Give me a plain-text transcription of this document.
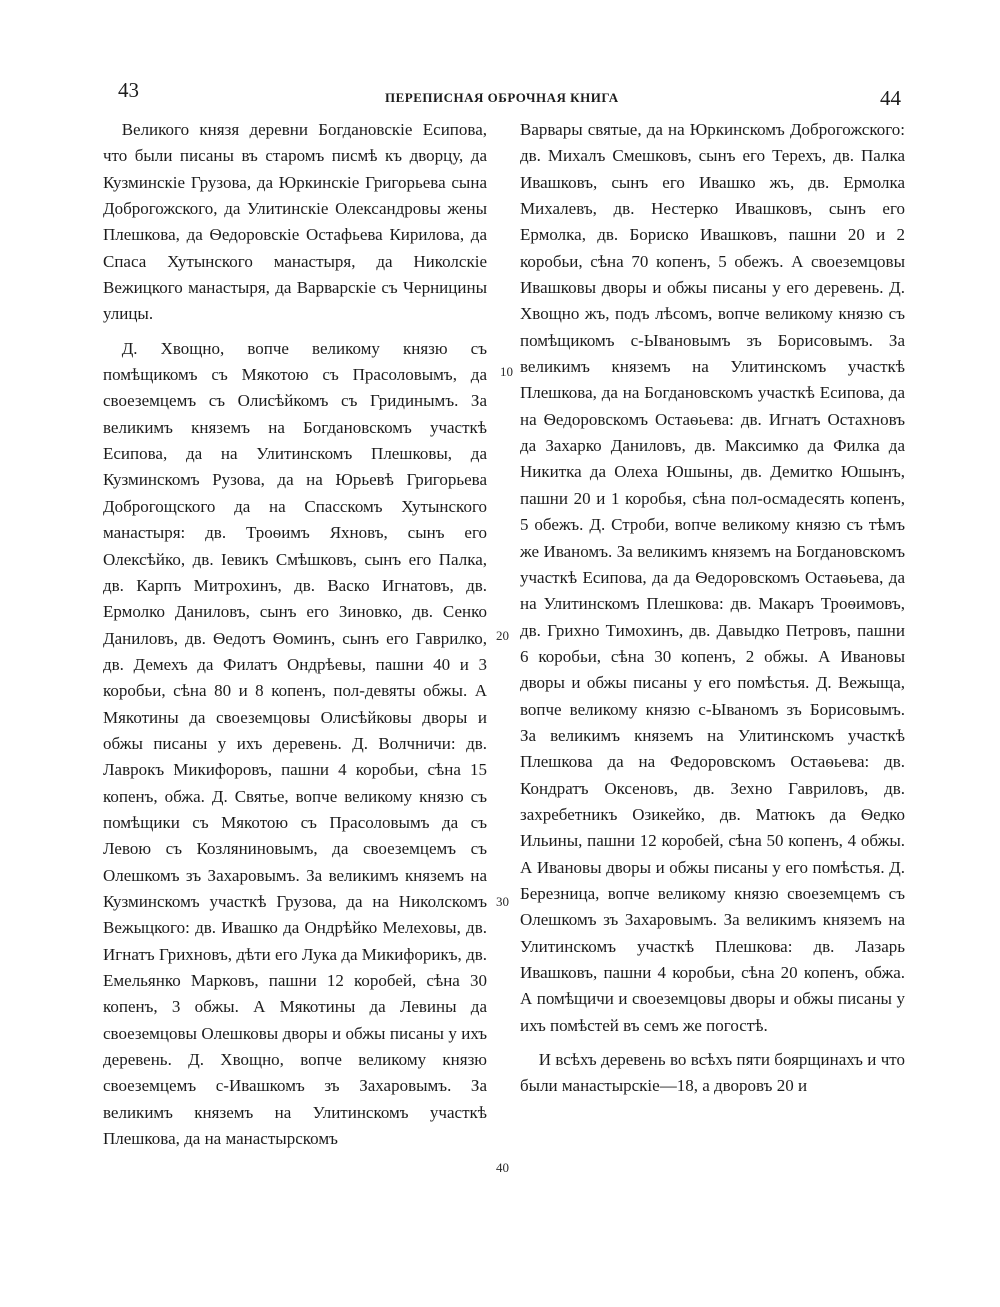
43	ПЕРЕПИСНАЯ ОБРОЧНАЯ КНИГА	44
Великого князя деревни Богдановскіе Есипова, что были писаны въ старомъ писмѣ къ дворцу, да Кузминскіе Грузова, да Юркинскіе Григорьева сына Доброгожского, да Улитинскіе Олександровы жены Плешкова, да Ѳедоровскіе Остафьева Кирилова, да Спаса Хутынского манастыря, да Николскіе Вежицкого манастыря, да Варварскіе съ Черницины улицы.
Д. Хвощно, вопче великому князю съ помѣщикомъ съ Мякотою съ Прасоловымъ, да своеземцемъ съ Олисѣйкомъ съ Гридинымъ. За великимъ княземъ на Богдановскомъ участкѣ Есипова, да на Улитинскомъ Плешковы, да Кузминскомъ Рузова, да на Юрьевѣ Григорьева Доброгощского да на Спасскомъ Хутынского манастыря: дв. Троѳимъ Яхновъ, сынъ его Олексѣйко, дв. Іевикъ Смѣшковъ, сынъ его Палка, дв. Карпъ Митрохинъ, дв. Васко Игнатовъ, дв. Ермолко Даниловъ, сынъ его Зиновко, дв. Сенко Даниловъ, дв. Ѳедотъ Ѳоминъ, сынъ его Гаврилко, дв. Демехъ да Филатъ Ондрѣевы, пашни 40 и 3 коробьи, сѣна 80 и 8 копенъ, пол-девяты обжы. А Мякотины да своеземцовы Олисѣйковы дворы и обжы писаны у ихъ деревень. Д. Волчничи: дв. Лаврокъ Микифоровъ, пашни 4 коробьи, сѣна 15 копенъ, обжа. Д. Святье, вопче великому князю съ помѣщики съ Мякотою съ Прасоловымъ да съ Левою съ Козляниновымъ, да своеземцемъ съ Олешкомъ зъ Захаровымъ. За великимъ княземъ на Кузминскомъ участкѣ Грузова, да на Николскомъ Вежыцкого: дв. Ивашко да Ондрѣйко Мелеховы, дв. Игнатъ Грихновъ, дѣти его Лука да Микифорикъ, дв. Емельянко Марковъ, пашни 12 коробей, сѣна 30 копенъ, 3 обжы. А Мякотины да Левины да своеземцовы Олешковы дворы и обжы писаны у ихъ деревень. Д. Хвощно, вопче великому князю своеземцемъ с-Ивашкомъ зъ Захаровымъ. За великимъ княземъ на Улитинскомъ участкѣ Плешкова, да на манастырскомъ
Варвары святые, да на Юркинскомъ Доброгожского: дв. Михалъ Смешковъ, сынъ его Терехъ, дв. Палка Ивашковъ, сынъ его Ивашко жъ, дв. Ермолка Михалевъ, дв. Нестерко Ивашковъ, сынъ его Ермолка, дв. Бориско Ивашковъ, пашни 20 и 2 коробьи, сѣна 70 копенъ, 5 обежъ. А своеземцовы Ивашковы дворы и обжы писаны у его деревень. Д. Хвощно жъ, подъ лѣсомъ, вопче великому князю съ помѣщикомъ с-Ывановымъ зъ Борисовымъ. За великимъ княземъ на Улитинскомъ участкѣ Плешкова, да на Богдановскомъ участкѣ Есипова, да на Ѳедоровскомъ Остаѳьева: дв. Игнатъ Остахновъ да Захарко Даниловъ, дв. Максимко да Филка да Никитка да Олеха Юшыны, дв. Демитко Юшынъ, пашни 20 и 1 коробья, сѣна пол-осмадесять копенъ, 5 обежъ. Д. Строби, вопче великому князю съ тѣмъ же Иваномъ. За великимъ княземъ на Богдановскомъ участкѣ Есипова, да да Ѳедоровскомъ Остаѳьева, да на Улитинскомъ Плешкова: дв. Макаръ Троѳимовъ, дв. Грихно Тимохинъ, дв. Давыдко Петровъ, пашни 6 коробьи, сѣна 30 копенъ, 2 обжы. А Ивановы дворы и обжы писаны у его помѣстья. Д. Вежыща, вопче великому князю с-Ываномъ зъ Борисовымъ. За великимъ княземъ на Улитинскомъ участкѣ Плешкова да на Федоровскомъ Остаѳьева: дв. Кондратъ Оксеновъ, дв. Зехно Гавриловъ, дв. захребетникъ Озикейко, дв. Матюкъ да Ѳедко Ильины, пашни 12 коробей, сѣна 50 копенъ, 4 обжы. А Ивановы дворы и обжы писаны у его помѣстья. Д. Березница, вопче великому князю своеземцемъ съ Олешкомъ зъ Захаровымъ. За великимъ княземъ на Улитинскомъ участкѣ Плешкова: дв. Лазарь Ивашковъ, пашни 4 коробьи, сѣна 20 копенъ, обжа. А помѣщичи и своеземцовы дворы и обжы писаны у ихъ помѣстей въ семъ же погостѣ.
И всѣхъ деревень во всѣхъ пяти боярщинахъ и что были манастырскіе—18, а дворовъ 20 и
10
20
30
40
